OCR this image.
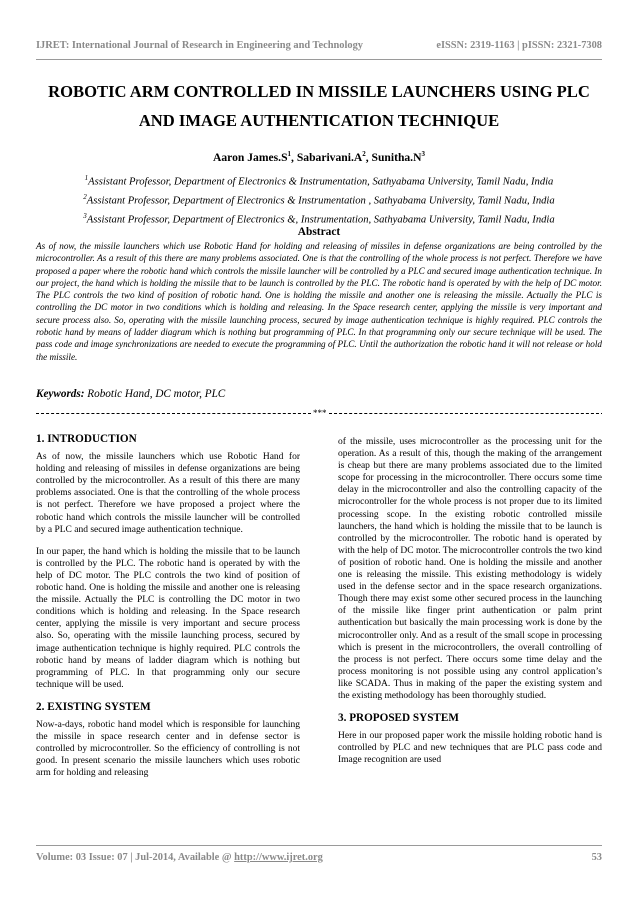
IJRET: International Journal of Research in Engineering and Technology	eISSN: 2319-1163 | pISSN: 2321-7308
ROBOTIC ARM CONTROLLED IN MISSILE LAUNCHERS USING PLC
AND IMAGE AUTHENTICATION TECHNIQUE
Aaron $James.S^1$, $Sabarivani.A^2$, $Sunitha.N^3$
$^1$Assistant Professor, Department of Electronics & Instrumentation, Sathyabama University, Tamil Nadu, India
$^2$Assistant Professor, Department of Electronics & Instrumentation , Sathyabama University, Tamil Nadu, India
$^3$Assistant Professor, Department of Electronics &, Instrumentation, Sathyabama University, Tamil Nadu, India
Abstract

As of now, the missile launchers which use Robotic Hand for holding and releasing of missiles in defense organizations are being controlled by the microcontroller. As a result of this there are many problems associated. One is that the controlling of the whole process is not perfect. Therefore we have proposed a paper where the robotic hand which controls the missile launcher will be controlled by a PLC and secured image authentication technique. In our project, the hand which is holding the missile that to be launch is controlled by the PLC. The robotic hand is operated by with the help of DC motor. The PLC controls the two kind of position of robotic hand. One is holding the missile and another one is releasing the missile. Actually the PLC is controlling the DC motor in two conditions which is holding and releasing. In the Space research center, applying the missile is very important and secure process also. So, operating with the missile launching process, secured by image authentication technique is highly required. PLC controls the robotic hand by means of ladder diagram which is nothing but programming of PLC. In that programming only our secure technique will be used. The pass code and image synchronizations are needed to execute the programming of PLC. Until the authorization the robotic hand it will not release or hold the missile.

Keywords: Robotic Hand, DC motor, PLC
***
1. INTRODUCTION

As of now, the missile launchers which use Robotic Hand for holding and releasing of missiles in defense organizations are being controlled by the microcontroller. As a result of this there are many problems associated. One is that the controlling of the whole process is not perfect. Therefore we have proposed a project where the robotic hand which controls the missile launcher will be controlled by a PLC and secured image authentication technique.

In our paper, the hand which is holding the missile that to be launch is controlled by the PLC. The robotic hand is operated by with the help of DC motor. The PLC controls the two kind of position of robotic hand. One is holding the missile and another one is releasing the missile. Actually the PLC is controlling the DC motor in two conditions which is holding and releasing. In the Space research center, applying the missile is very important and secure process also. So, operating with the missile launching process, secured by image authentication technique is highly required. PLC controls the robotic hand by means of ladder diagram which is nothing but programming of PLC. In that programming only our secure technique will be used.

2. EXISTING SYSTEM

Now-a-days, robotic hand model which is responsible for launching the missile in space research center and in defense sector is controlled by microcontroller. So the efficiency of controlling is not good. In present scenario the missile launchers which uses robotic arm for holding and releasing

of the missile, uses microcontroller as the processing unit for the operation. As a result of this, though the making of the arrangement is cheap but there are many problems associated due to the limited scope for processing in the microcontroller. There occurs some time delay in the microcontroller and also the controlling capacity of the microcontroller for the whole process is not proper due to its limited processing scope. In the existing robotic controlled missile launchers, the hand which is holding the missile that to be launch is controlled by the microcontroller. The robotic hand is operated by with the help of DC motor. The microcontroller controls the two kind of position of robotic hand. One is holding the missile and another one is releasing the missile. This existing methodology is widely used in the defense sector and in the space research organizations. Though there may exist some other secured process in the launching of the missile like finger print authentication or palm print authentication but basically the main processing work is done by the microcontroller only. And as a result of the small scope in processing which is present in the microcontrollers, the overall controlling of the process is not perfect. There occurs some time delay and the process monitoring is not possible using any control application’s like SCADA. Thus in making of the paper the existing system and the existing methodology has been thoroughly studied.

3. PROPOSED SYSTEM

Here in our proposed paper work the missile holding robotic hand is controlled by PLC and new techniques that are PLC pass code and Image recognition are used

Volume: 03 Issue: 07 | Jul-2014, Available @ http://www.ijret.org	53
